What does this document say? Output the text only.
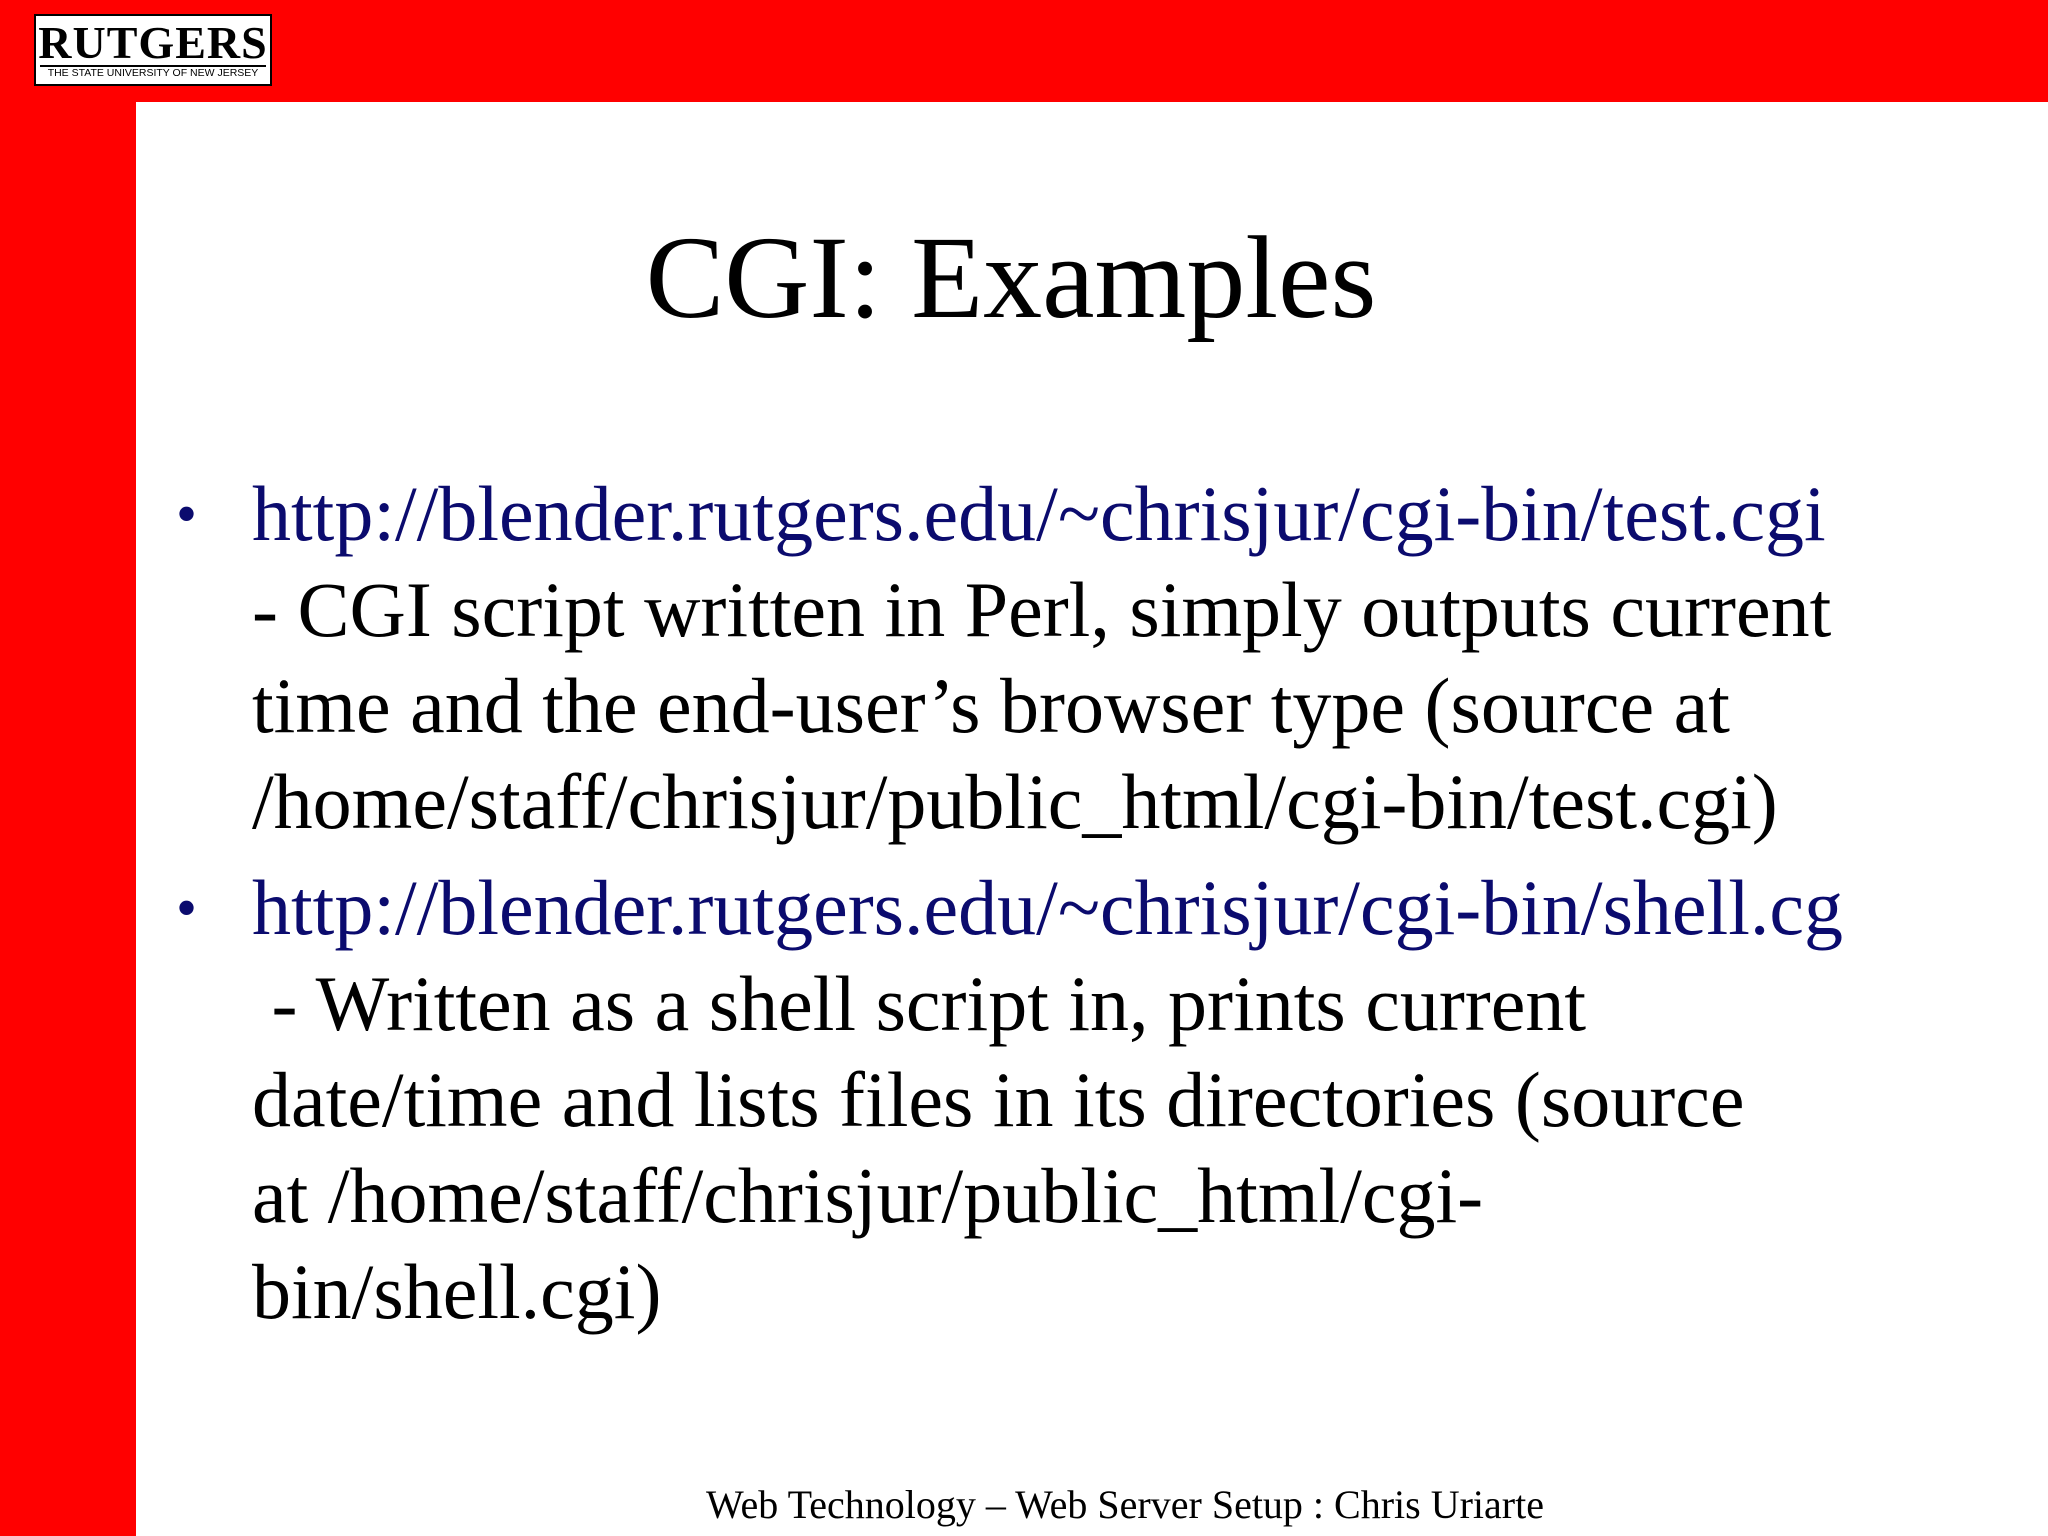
RUTGERS
THE STATE UNIVERSITY OF NEW JERSEY
CGI: Examples
• http://blender.rutgers.edu/~chrisjur/cgi-bin/test.cgi
- CGI script written in Perl, simply outputs current
time and the end-user’s browser type (source at
/home/staff/chrisjur/public_html/cgi-bin/test.cgi)
• http://blender.rutgers.edu/~chrisjur/cgi-bin/shell.cg
- Written as a shell script in, prints current
date/time and lists files in its directories (source
at /home/staff/chrisjur/public_html/cgi-
bin/shell.cgi)
Web Technology – Web Server Setup : Chris Uriarte
